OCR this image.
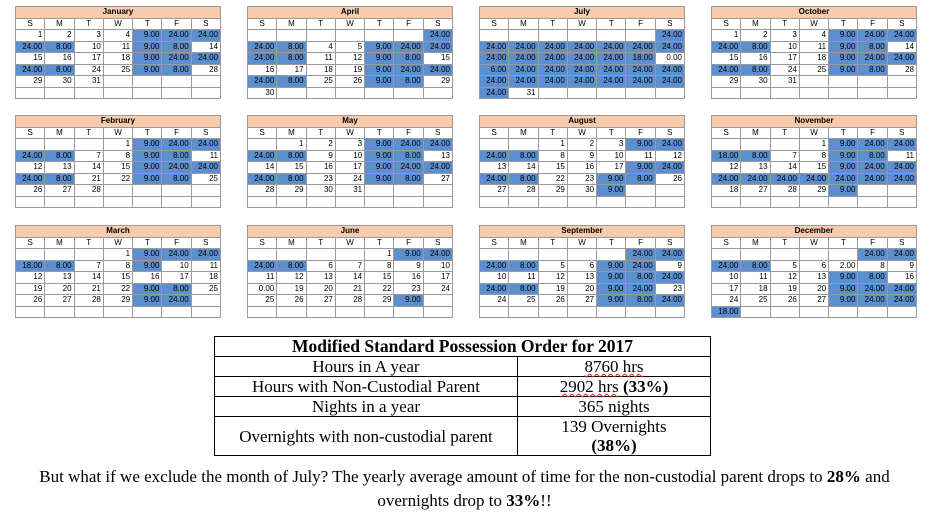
January						
S	M	T	W	T	F	S
1	2	3	4	9.00	24.00	24.00
24.00	8.00	10	11	9.00	8.00	14
15	16	17	18	9.00	24.00	24.00
24.00	8.00	24	25	9.00	8.00	28
29	30	31				

April						
S	M	T	W	T	F	S
						24.00
24.00	8.00	4	5	9.00	24.00	24.00
24.00	8.00	11	12	9.00	8.00	15
16	17	18	19	9.00	24.00	24.00
24.00	8.00	25	26	9.00	8.00	29
30						
July						
S	M	T	W	T	F	S
						24.00
24.00	24.00	24.00	24.00	24.00	24.00	24.00
24.00	24.00	24.00	24.00	24.00	18.00	0.00
6.00	24.00	24.00	24.00	24.00	24.00	24.00
24.00	24.00	24.00	24.00	24.00	24.00	24.00
24.00	31					
October						
S	M	T	W	T	F	S
1	2	3	4	9.00	24.00	24.00
24.00	8.00	10	11	9.00	8.00	14
15	16	17	18	9.00	24.00	24.00
24.00	8.00	24	25	9.00	8.00	28
29	30	31				

February						
S	M	T	W	T	F	S
			1	9.00	24.00	24.00
24.00	8.00	7	8	9.00	8.00	11
12	13	14	15	9.00	24.00	24.00
24.00	8.00	21	22	9.00	8.00	25
26	27	28				

May						
S	M	T	W	T	F	S
	1	2	3	9.00	24.00	24.00
24.00	8.00	9	10	9.00	8.00	13
14	15	16	17	9.00	24.00	24.00
24.00	8.00	23	24	9.00	8.00	27
28	29	30	31			

August						
S	M	T	W	T	F	S
		1	2	3	9.00	24.00
24.00	8.00	8	9	10	11	12
13	14	15	16	17	9.00	24.00
24.00	8.00	22	23	9.00	8.00	26
27	28	29	30	9.00		

November						
S	M	T	W	T	F	S
			1	9.00	24.00	24.00
18.00	8.00	7	8	9.00	8.00	11
12	13	14	15	9.00	24.00	24.00
24.00	24.00	24.00	24.00	24.00	24.00	24.00
18	27	28	29	9.00		

March						
S	M	T	W	T	F	S
			1	9.00	24.00	24.00
18.00	8.00	7	8	9.00	10	11
12	13	14	15	16	17	18
19	20	21	22	9.00	8.00	25
26	27	28	29	9.00	24.00	

June						
S	M	T	W	T	F	S
				1	9.00	24.00
24.00	8.00	6	7	8	9	10
11	12	13	14	15	16	17
0.00	19	20	21	22	23	24
25	26	27	28	29	9.00	

September						
S	M	T	W	T	F	S
					24.00	24.00
24.00	8.00	5	6	9.00	24.00	9
10	11	12	13	9.00	8.00	24.00
24.00	8.00	19	20	9.00	24.00	23
24	25	26	27	9.00	8.00	24.00

December						
S	M	T	W	T	F	S
					24.00	24.00
24.00	8.00	5	6	2.00	8	9
10	11	12	13	9.00	8.00	16
17	18	19	20	9.00	24.00	24.00
24	25	26	27	9.00	24.00	24.00
18.00						
Modified Standard Possession Order for 2017	
Hours in A year	8760 hrs
Hours with Non-Custodial Parent	2902 hrs (33%)
Nights in a year	365 nights
Overnights with non-custodial parent	139 Overnights
(38%)
But what if we exclude the month of July? The yearly average amount of time for the non-custodial parent drops to 28% and overnights drop to 33%!!
